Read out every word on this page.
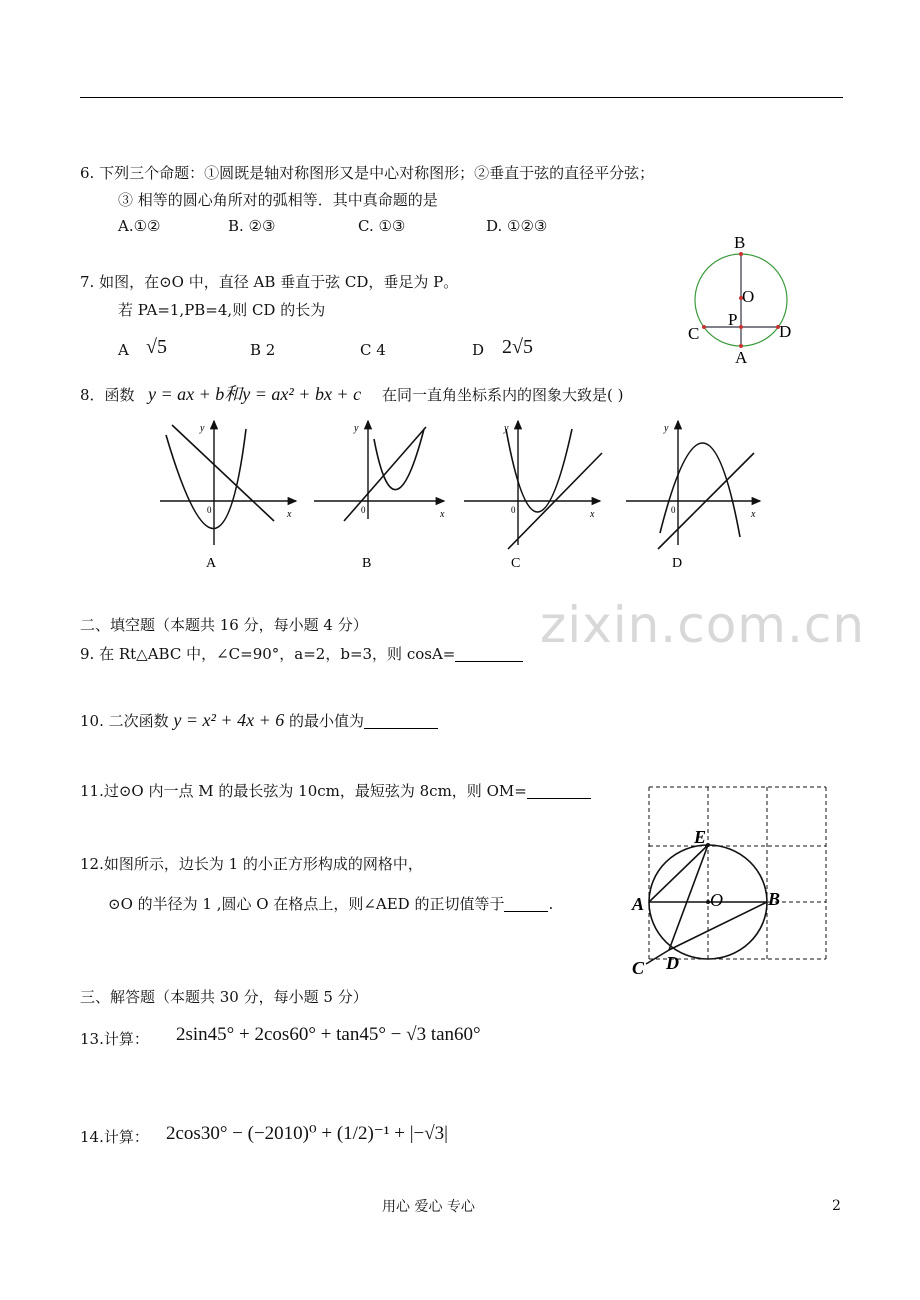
zixin.com.cn
6. 下列三个命题：①圆既是轴对称图形又是中心对称图形；②垂直于弦的直径平分弦；
③ 相等的圆心角所对的弧相等．其中真命题的是
A.①②	B. ②③	C. ①③	D. ①②③
7. 如图，在⊙O 中，直径 AB 垂直于弦 CD，垂足为 P。
若 PA=1,PB=4,则 CD 的长为
A √5	B 2	C 4	D 2√5
B
O
P
C	D
A
8．函数 y = ax + b和y = ax² + bx + c 在同一直角坐标系内的图象大致是( )
y
x
0
A
y
x
0
B
y
x
0
C
y
x
0
D
二、填空题（本题共 16 分，每小题 4 分）
9. 在 Rt△ABC 中，∠C=90°，a=2，b=3，则 cosA=
10. 二次函数 y = x² + 4x + 6 的最小值为
11.过⊙O 内一点 M 的最长弦为 10cm，最短弦为 8cm，则 OM=
12.如图所示，边长为 1 的小正方形构成的网格中，
⊙O 的半径为 1 ,圆心 O 在格点上，则∠AED 的正切值等于	.
E
A	O	B
C D
三、解答题（本题共 30 分，每小题 5 分）
13.计算： 2sin45° + 2cos60° + tan45° − √3 tan60°
14.计算： 2cos30° − (−2010)⁰ + (1/2)⁻¹ + |−√3|
用心 爱心 专心	2
